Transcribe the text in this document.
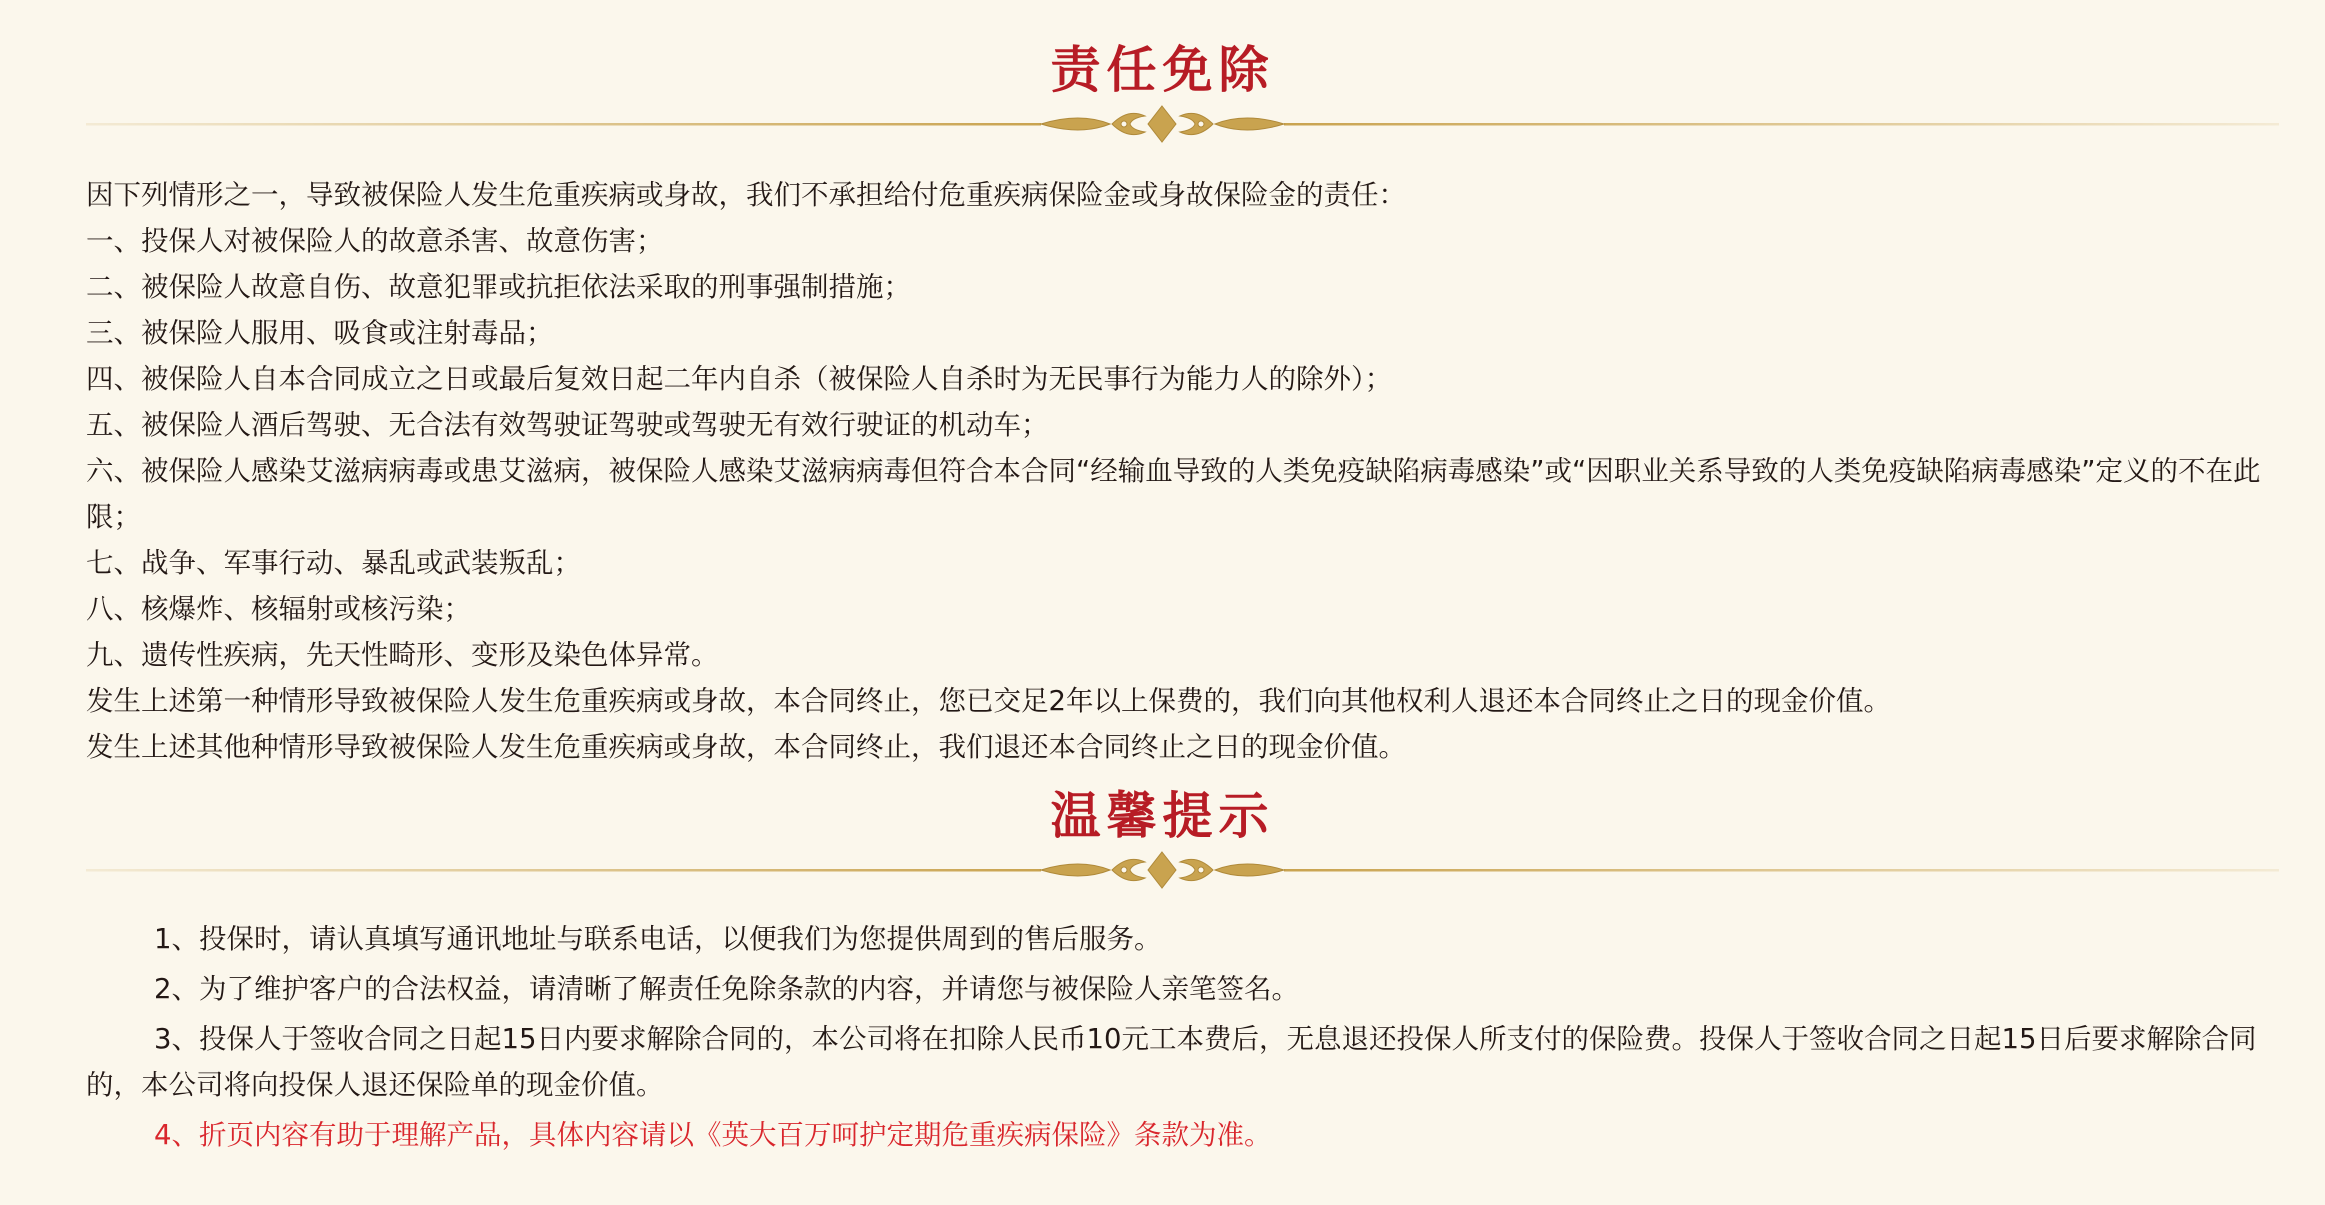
责任免除

因下列情形之一，导致被保险人发生危重疾病或身故，我们不承担给付危重疾病保险金或身故保险金的责任：

一、投保人对被保险人的故意杀害、故意伤害；

二、被保险人故意自伤、故意犯罪或抗拒依法采取的刑事强制措施；

三、被保险人服用、吸食或注射毒品；

四、被保险人自本合同成立之日或最后复效日起二年内自杀（被保险人自杀时为无民事行为能力人的除外）；

五、被保险人酒后驾驶、无合法有效驾驶证驾驶或驾驶无有效行驶证的机动车；

六、被保险人感染艾滋病病毒或患艾滋病，被保险人感染艾滋病病毒但符合本合同“经输血导致的人类免疫缺陷病毒感染”或“因职业关系导致的人类免疫缺陷病毒感染”定义的不在此限；

七、战争、军事行动、暴乱或武装叛乱；

八、核爆炸、核辐射或核污染；

九、遗传性疾病，先天性畸形、变形及染色体异常。

发生上述第一种情形导致被保险人发生危重疾病或身故，本合同终止，您已交足2年以上保费的，我们向其他权利人退还本合同终止之日的现金价值。

发生上述其他种情形导致被保险人发生危重疾病或身故，本合同终止，我们退还本合同终止之日的现金价值。

温馨提示

1、投保时，请认真填写通讯地址与联系电话，以便我们为您提供周到的售后服务。

2、为了维护客户的合法权益，请清晰了解责任免除条款的内容，并请您与被保险人亲笔签名。

3、投保人于签收合同之日起15日内要求解除合同的，本公司将在扣除人民币10元工本费后，无息退还投保人所支付的保险费。投保人于签收合同之日起15日后要求解除合同的，本公司将向投保人退还保险单的现金价值。

4、折页内容有助于理解产品，具体内容请以《英大百万呵护定期危重疾病保险》条款为准。
